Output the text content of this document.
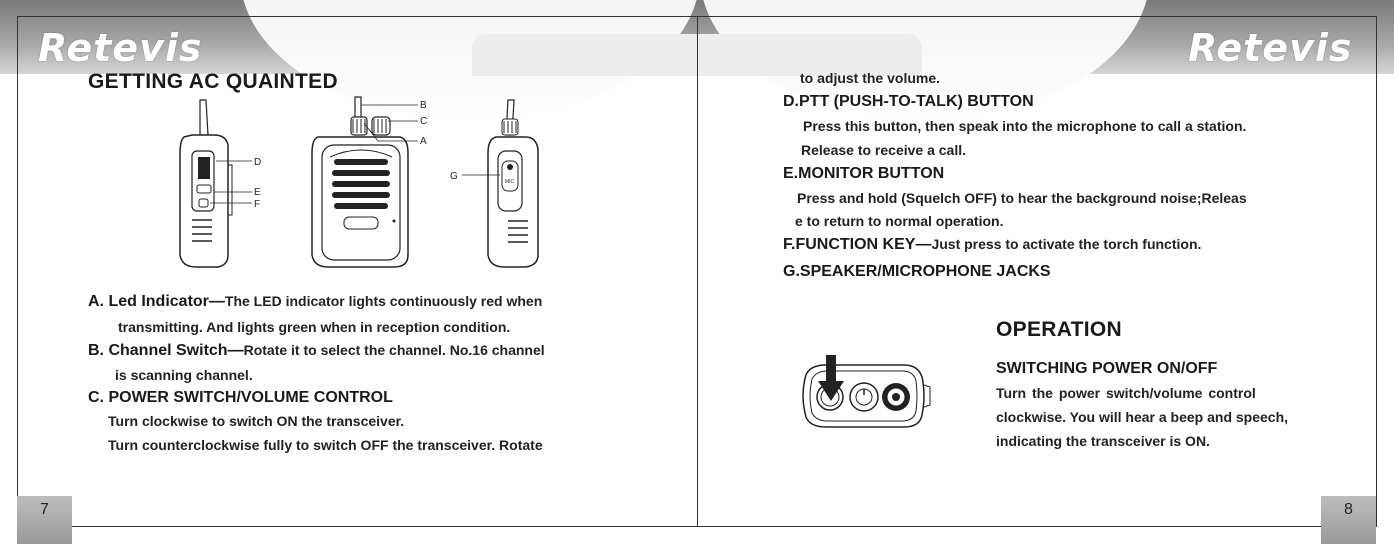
Retevis	Retevis
GETTING AC QUAINTED
D
E
F
B
C
A
MIC
G
A. Led Indicator—The LED indicator lights continuously red when
transmitting. And lights green when in reception condition.
B. Channel Switch—Rotate it to select the channel. No.16 channel
is scanning channel.
C. POWER SWITCH/VOLUME CONTROL
Turn clockwise to switch ON the transceiver.
Turn counterclockwise fully to switch OFF the transceiver. Rotate
7
to adjust the volume.
D.PTT (PUSH-TO-TALK) BUTTON
Press this button, then speak into the microphone to call a station.
Release to receive a call.
E.MONITOR BUTTON
Press and hold (Squelch OFF) to hear the background noise;Releas
e to return to normal operation.
F.FUNCTION KEY—Just press to activate the torch function.
G.SPEAKER/MICROPHONE JACKS
OPERATION
SWITCHING POWER ON/OFF
Turn the power switch/volume control
clockwise. You will hear a beep and speech,
indicating the transceiver is ON.
8
